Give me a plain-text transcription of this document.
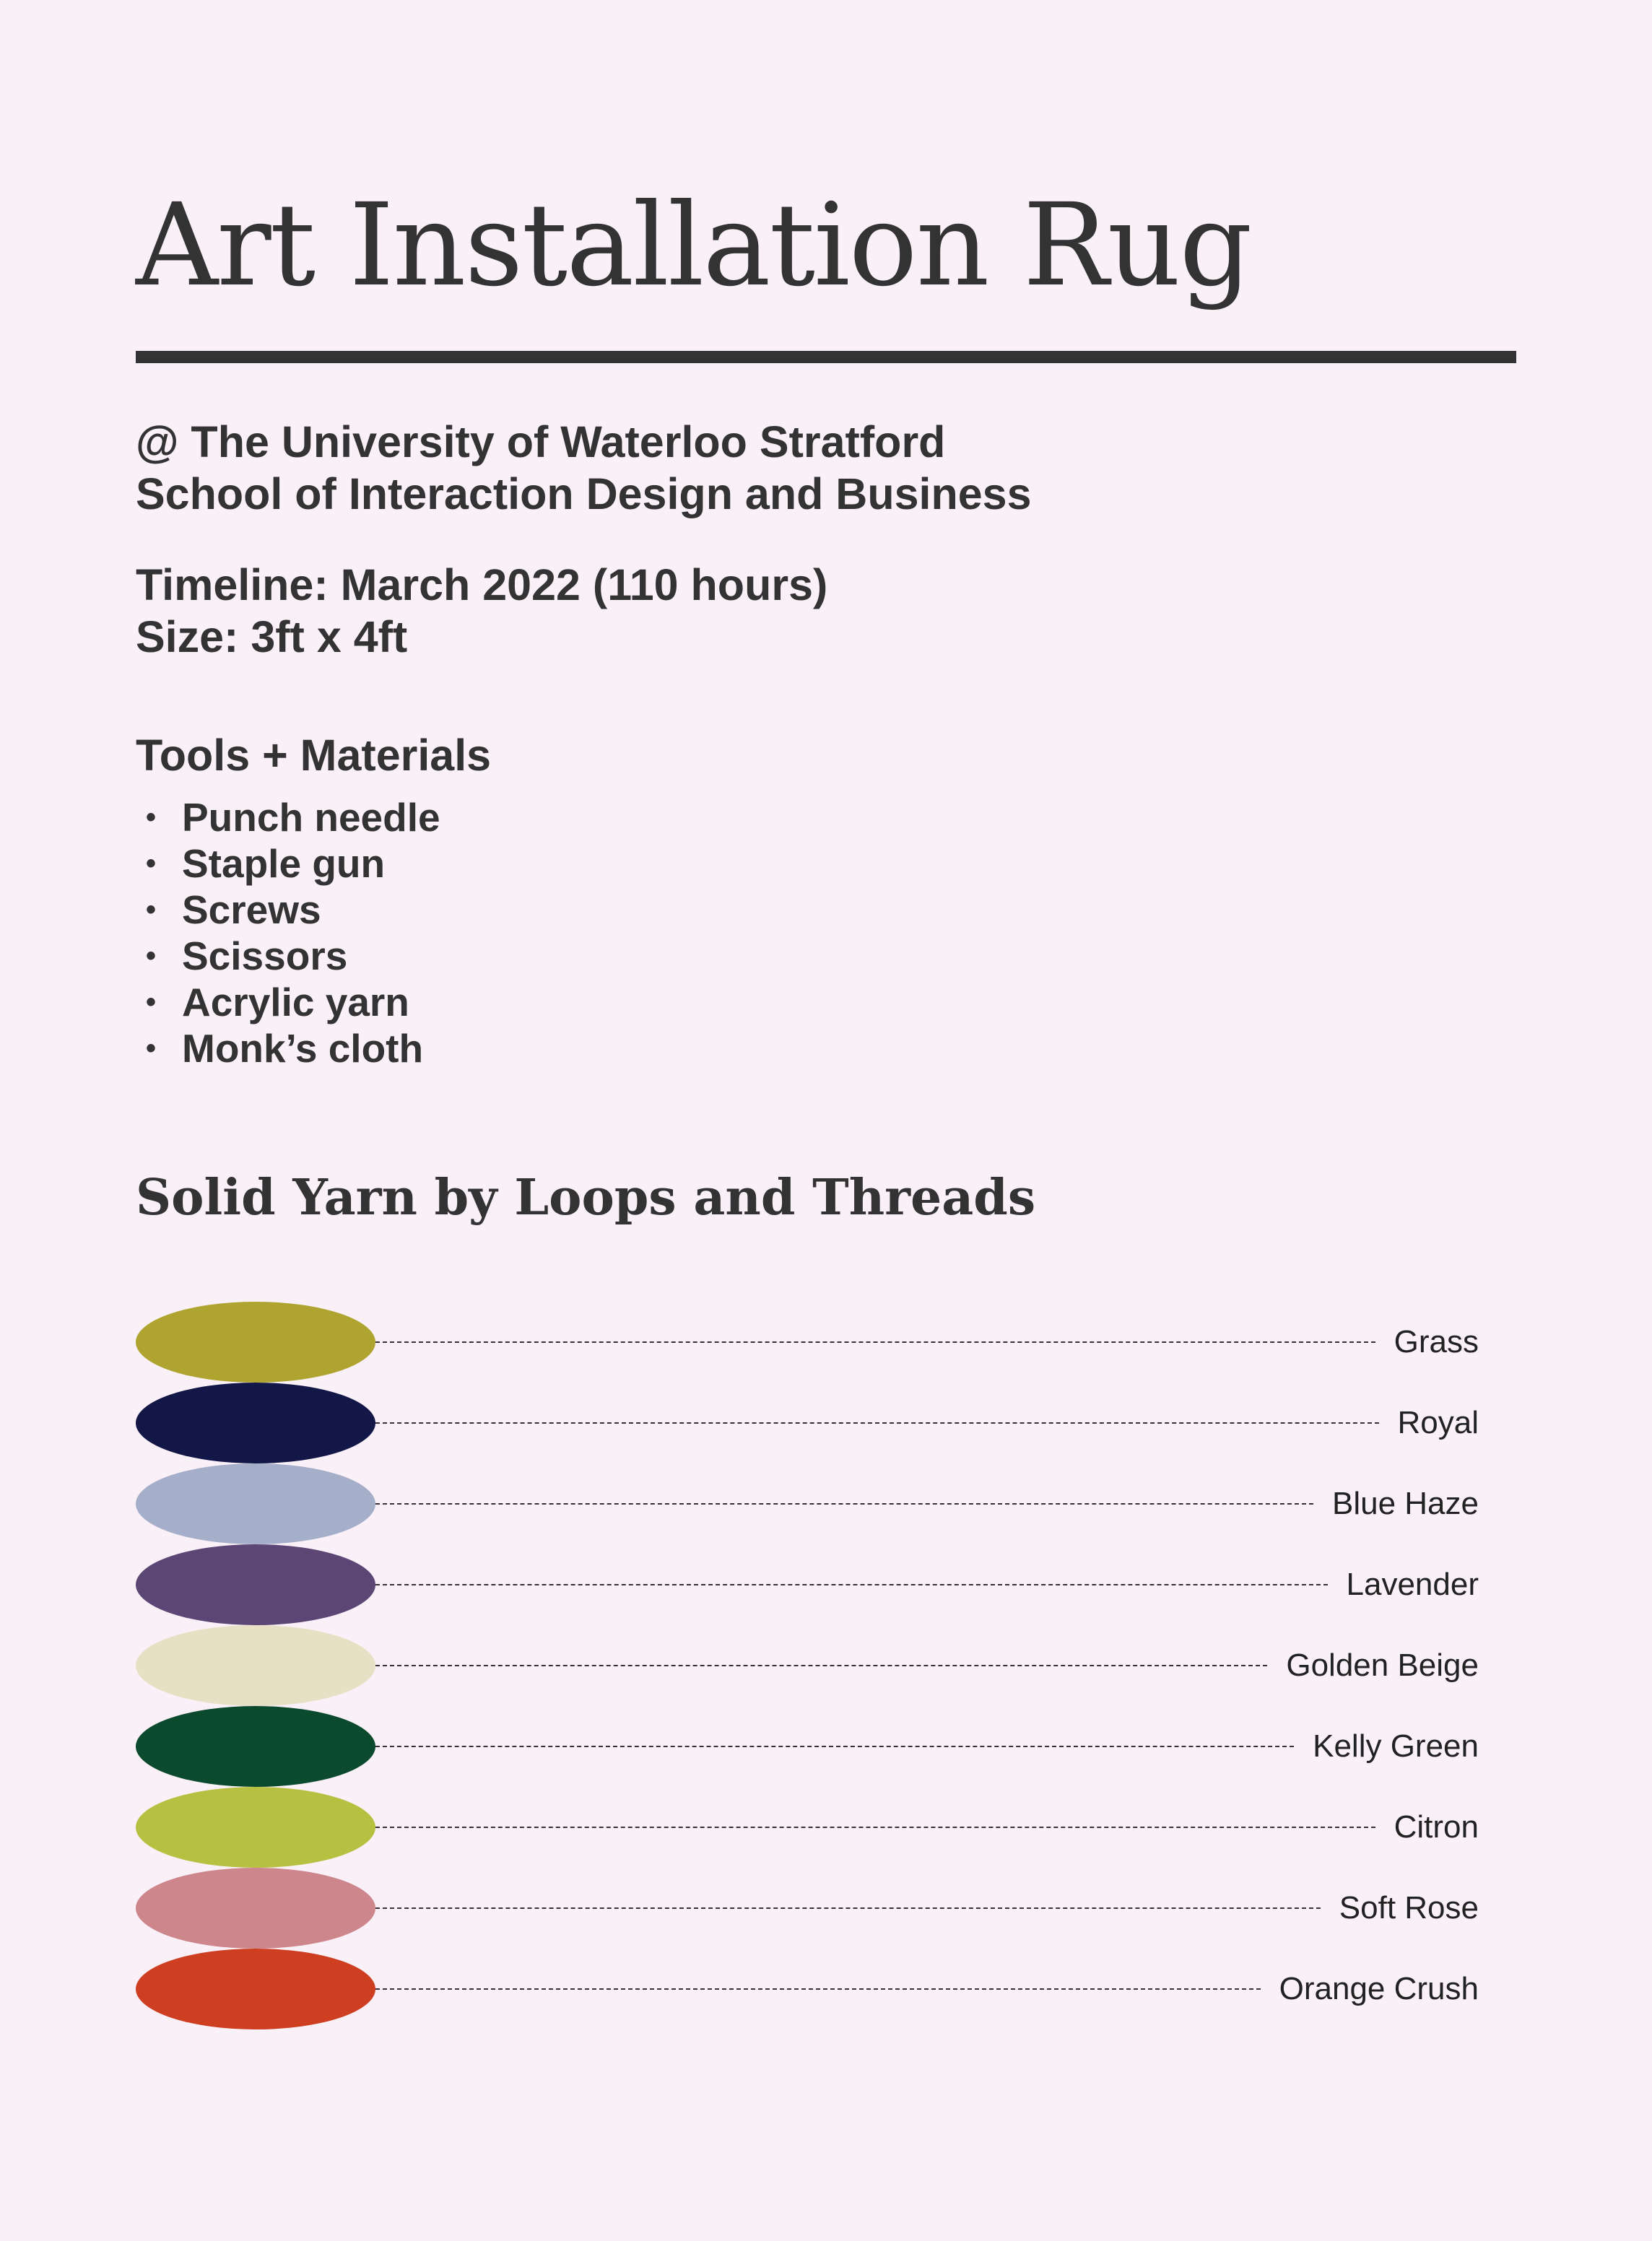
Art Installation Rug
@ The University of Waterloo Stratford
School of Interaction Design and Business
Timeline: March 2022 (110 hours)
Size: 3ft x 4ft
Tools + Materials
• Punch needle
• Staple gun
• Screws
• Scissors
• Acrylic yarn
• Monk’s cloth
Solid Yarn by Loops and Threads
Grass
Royal
Blue Haze
Lavender
Golden Beige
Kelly Green
Citron
Soft Rose
Orange Crush
